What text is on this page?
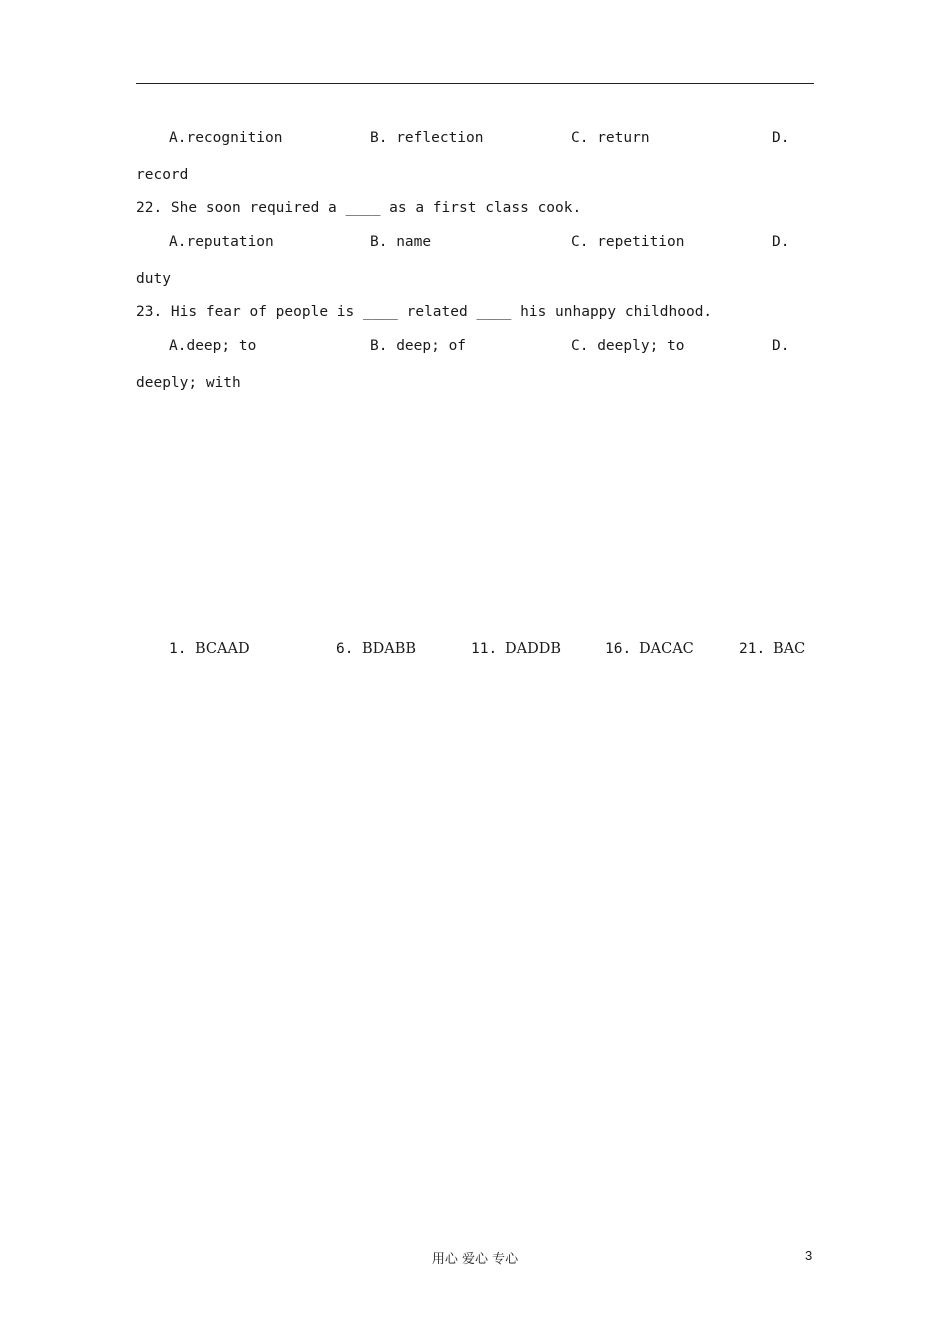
A.recognition	B. reflection	C. return	D.
record
22. She soon required a ____ as a first class cook.
A.reputation	B. name	C. repetition	D.
duty
23. His fear of people is ____ related ____ his unhappy childhood.
A.deep; to	B. deep; of	C. deeply; to	D.
deeply; with
1. BCAAD	6. BDABB	11. DADDB	16. DACAC	21. BAC
用心 爱心 专心	3
